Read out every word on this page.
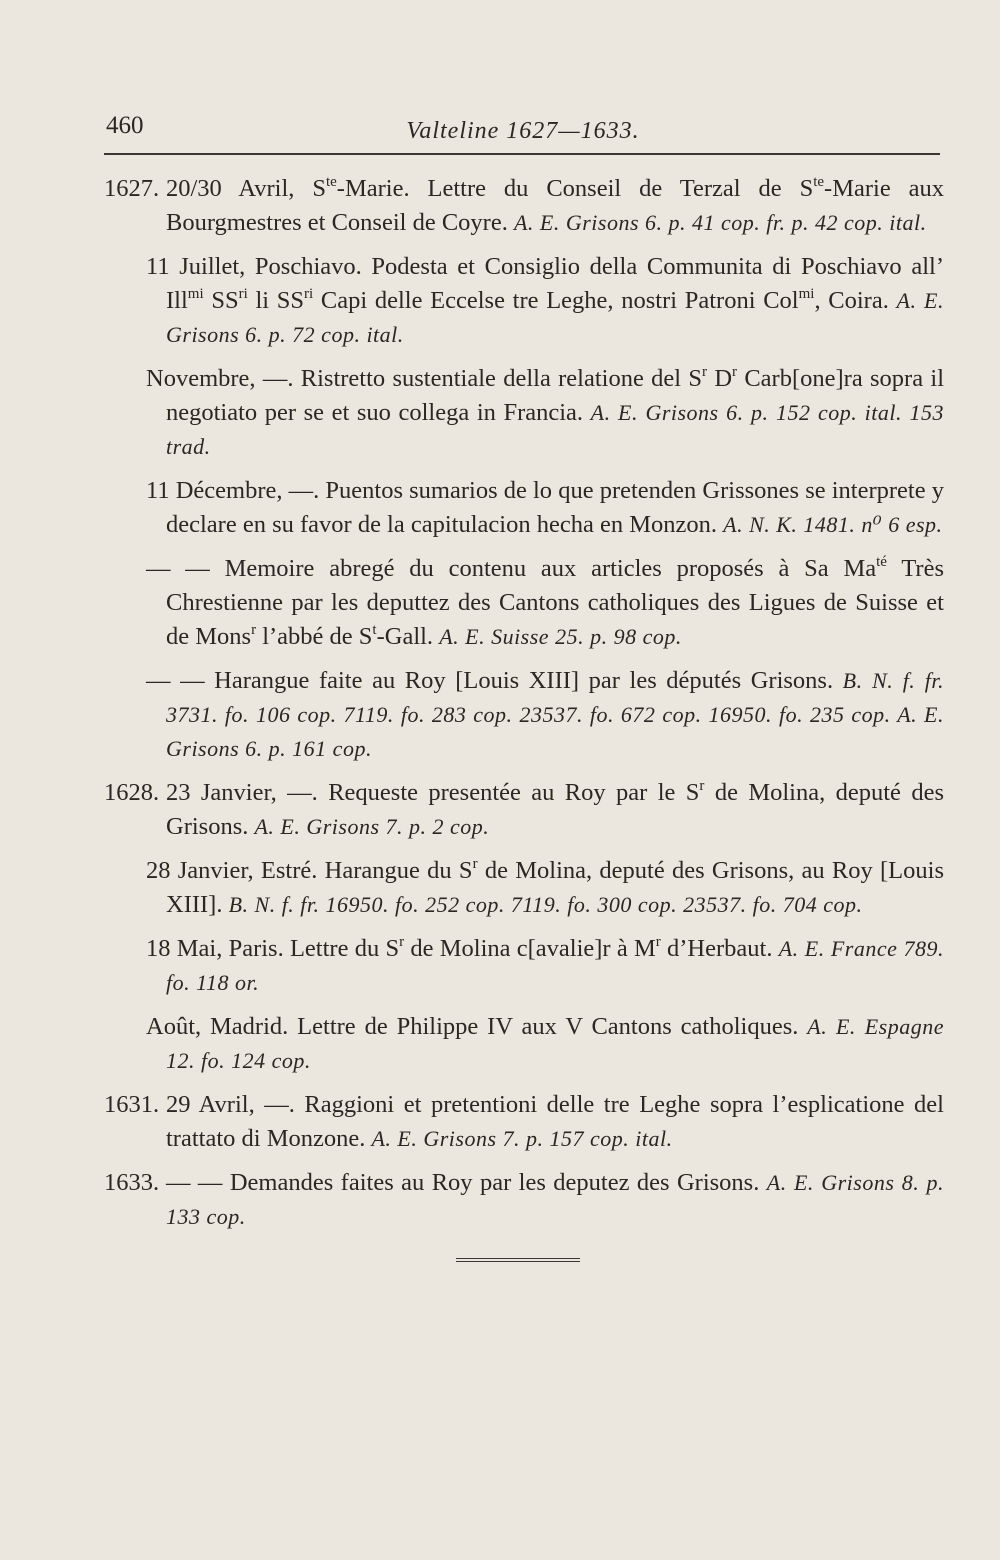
460	Valteline 1627—1633.

1627. 20/30 Avril, $S^{te}$-Marie. Lettre du Conseil de Terzal de $S^{te}$-Marie aux Bourgmestres et Conseil de Coyre. A. E. Grisons 6. p. 41 cop. fr. p. 42 cop. ital.

11 Juillet, Poschiavo. Podesta et Consiglio della Communita di Poschiavo all’ Ill$^{mi}$ $SS^{ri}$ li $SS^{ri}$ Capi delle Eccelse tre Leghe, nostri Patroni Col$^{mi}$, Coira. A. E. Grisons 6. p. 72 cop. ital.

Novembre, —. Ristretto sustentiale della relatione del $S^r$ $D^r$ Carb[one]ra sopra il negotiato per se et suo collega in Francia. A. E. Grisons 6. p. 152 cop. ital. 153 trad.

11 Décembre, —. Puentos sumarios de lo que pretenden Grissones se interprete y declare en su favor de la capitulacion hecha en Monzon. A. N. K. 1481. n⁰ 6 esp.

— — Memoire abregé du contenu aux articles proposés à Sa $Ma^{té}$ Très Chrestienne par les deputtez des Cantons catholiques des Ligues de Suisse et de Mons$^r$ l’abbé de $S^t$-Gall. A. E. Suisse 25. p. 98 cop.

— — Harangue faite au Roy [Louis XIII] par les députés Grisons. B. N. f. fr. 3731. fo. 106 cop. 7119. fo. 283 cop. 23537. fo. 672 cop. 16950. fo. 235 cop. A. E. Grisons 6. p. 161 cop.

1628. 23 Janvier, —. Requeste presentée au Roy par le $S^r$ de Molina, deputé des Grisons. A. E. Grisons 7. p. 2 cop.

28 Janvier, Estré. Harangue du $S^r$ de Molina, deputé des Grisons, au Roy [Louis XIII]. B. N. f. fr. 16950. fo. 252 cop. 7119. fo. 300 cop. 23537. fo. 704 cop.

18 Mai, Paris. Lettre du $S^r$ de Molina c[avalie]r à $M^r$ d’Herbaut. A. E. France 789. fo. 118 or.

Août, Madrid. Lettre de Philippe IV aux V Cantons catholiques. A. E. Espagne 12. fo. 124 cop.

1631. 29 Avril, —. Raggioni et pretentioni delle tre Leghe sopra l’esplicatione del trattato di Monzone. A. E. Grisons 7. p. 157 cop. ital.

1633. — — Demandes faites au Roy par les deputez des Grisons. A. E. Grisons 8. p. 133 cop.
